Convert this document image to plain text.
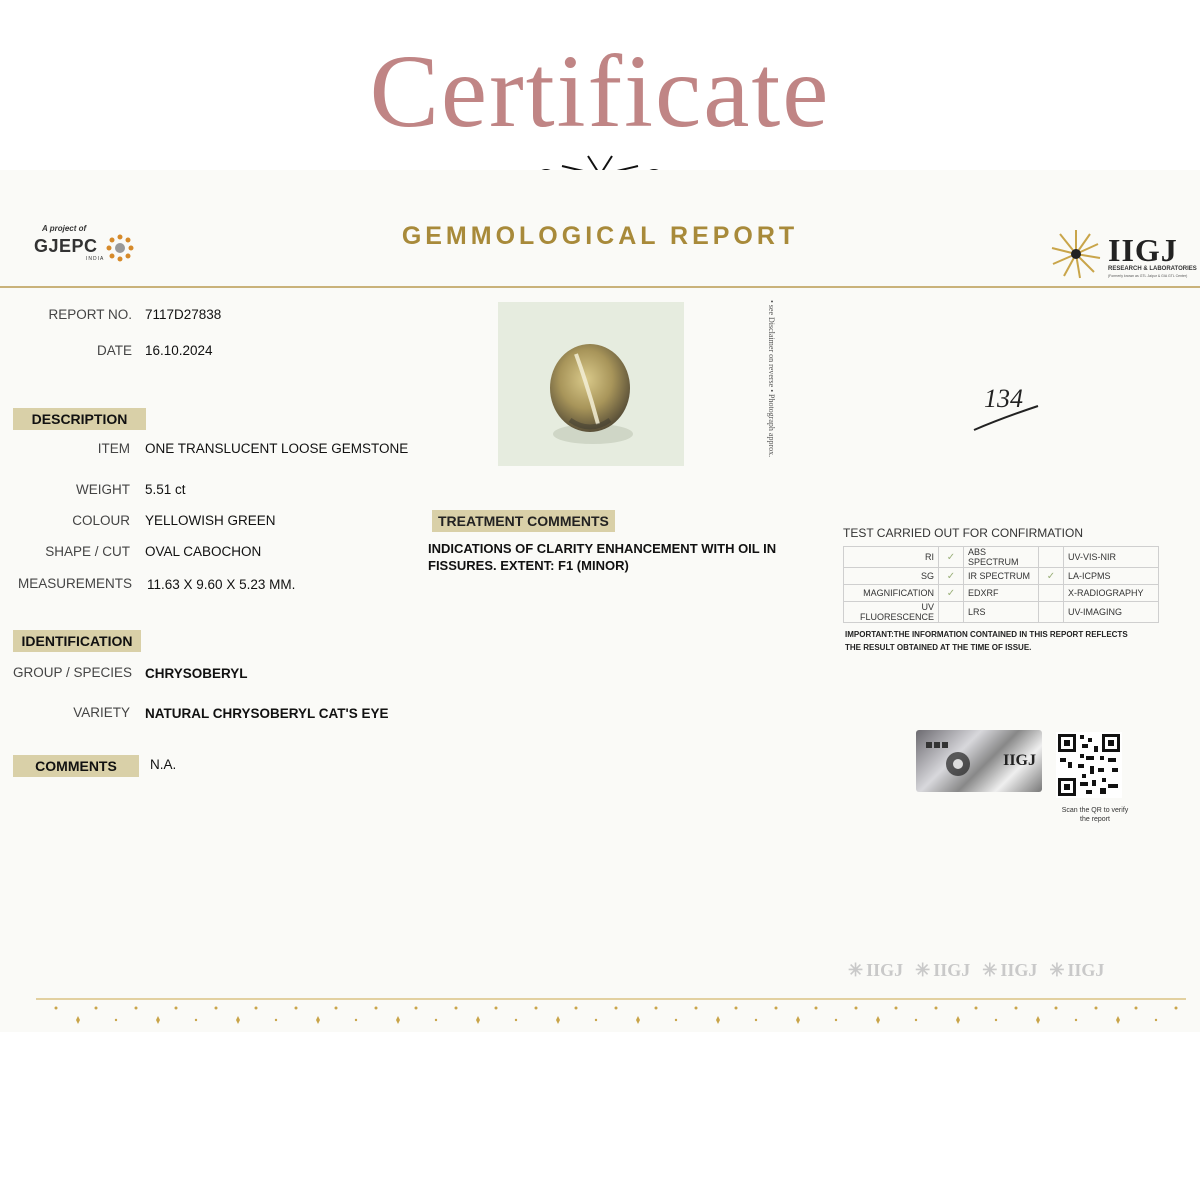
Certificate
A project of
GJEPC
INDIA
GEMMOLOGICAL REPORT	IIGJ
RESEARCH & LABORATORIES
(Formerly known as GTL Jaipur & GIA GTL Center)
REPORT NO. 7117D27838
DATE 16.10.2024
DESCRIPTION
ITEM ONE TRANSLUCENT LOOSE GEMSTONE
WEIGHT 5.51 ct
COLOUR YELLOWISH GREEN
SHAPE / CUT OVAL CABOCHON
MEASUREMENTS 11.63 X 9.60 X 5.23 MM.
IDENTIFICATION
GROUP / SPECIES CHRYSOBERYL
VARIETY NATURAL CHRYSOBERYL CAT'S EYE
COMMENTS	N.A.
• see Disclaimer on reverse • Photograph approx.	134
TREATMENT COMMENTS
INDICATIONS OF CLARITY ENHANCEMENT WITH OIL IN FISSURES. EXTENT: F1 (MINOR)
TEST CARRIED OUT FOR CONFIRMATION
RI	✓	ABS SPECTRUM		UV-VIS-NIR
SG	✓	IR SPECTRUM	✓	LA-ICPMS
MAGNIFICATION	✓	EDXRF		X-RADIOGRAPHY
UV FLUORESCENCE		LRS		UV-IMAGING
IMPORTANT:THE INFORMATION CONTAINED IN THIS REPORT REFLECTS THE RESULT OBTAINED AT THE TIME OF ISSUE.
IIGJ
Scan the QR to verify the report
✳ IIGJ ✳ IIGJ ✳ IIGJ ✳ IIGJ
